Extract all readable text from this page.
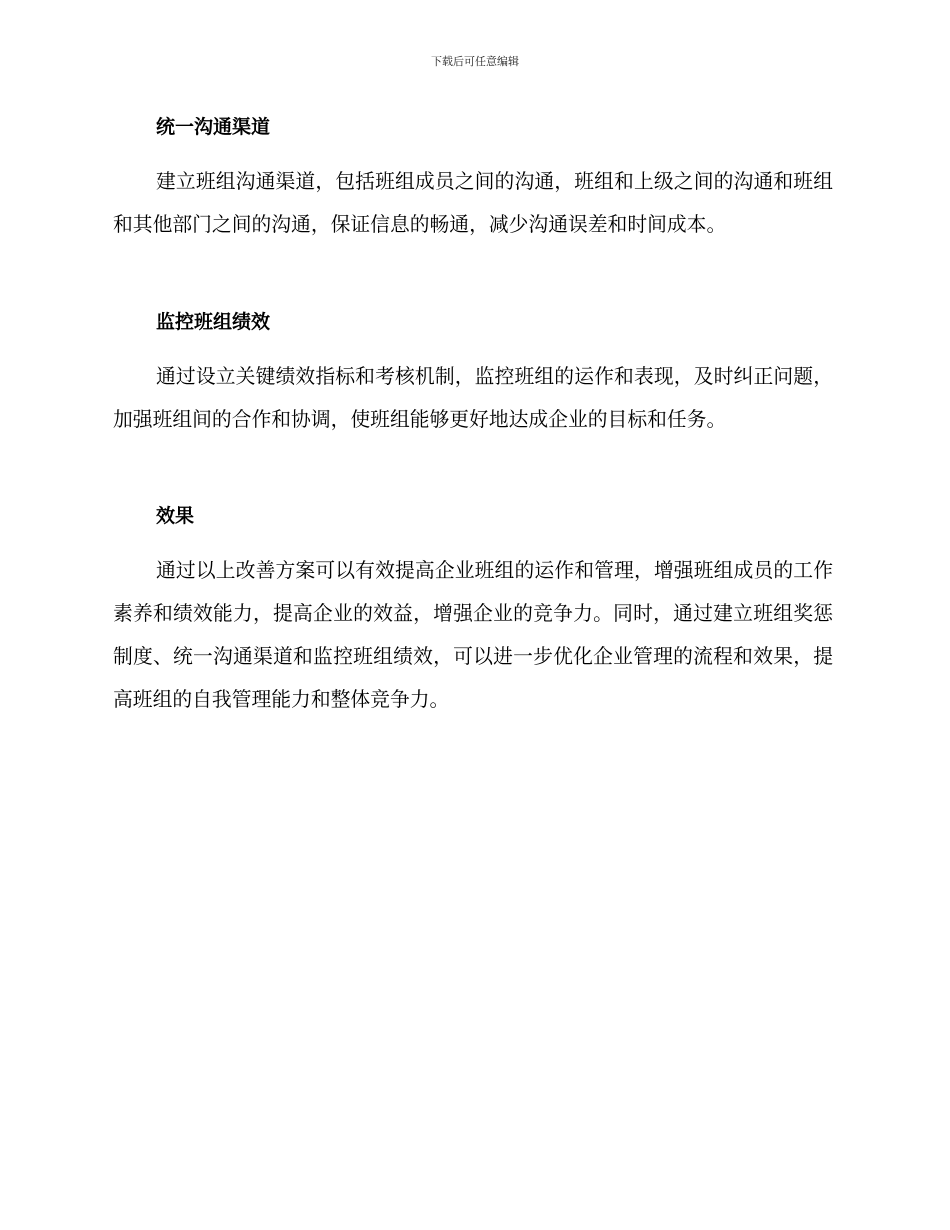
下载后可任意编辑
统一沟通渠道

建立班组沟通渠道，包括班组成员之间的沟通，班组和上级之间的沟通和班组和其他部门之间的沟通，保证信息的畅通，减少沟通误差和时间成本。

监控班组绩效

通过设立关键绩效指标和考核机制，监控班组的运作和表现，及时纠正问题，加强班组间的合作和协调，使班组能够更好地达成企业的目标和任务。

效果

通过以上改善方案可以有效提高企业班组的运作和管理，增强班组成员的工作素养和绩效能力，提高企业的效益，增强企业的竞争力。同时，通过建立班组奖惩制度、统一沟通渠道和监控班组绩效，可以进一步优化企业管理的流程和效果，提高班组的自我管理能力和整体竞争力。
